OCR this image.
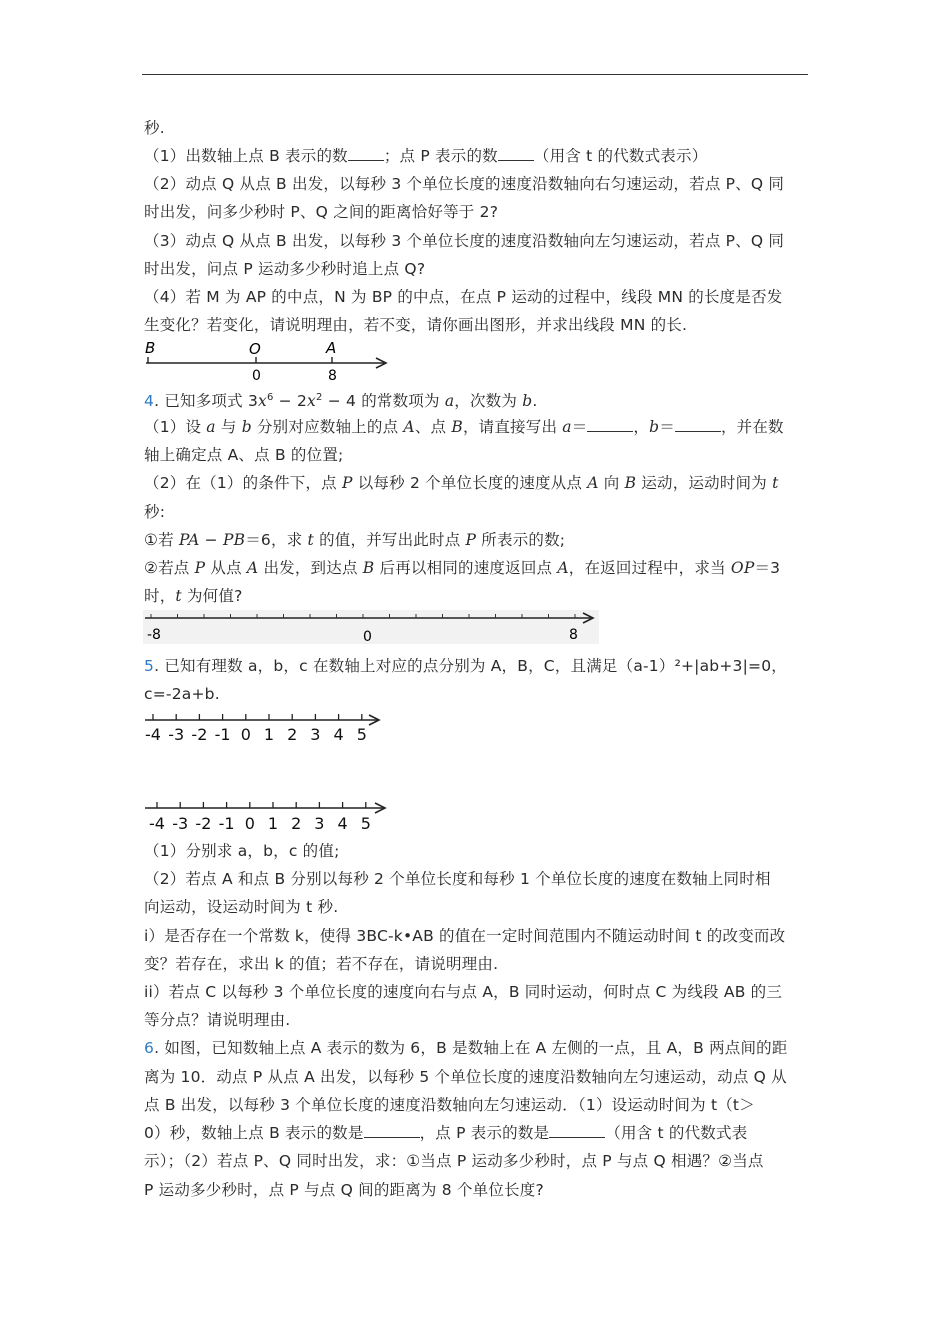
秒.
（1）出数轴上点 B 表示的数 ；点 P 表示的数 （用含 t 的代数式表示）
（2）动点 Q 从点 B 出发，以每秒 3 个单位长度的速度沿数轴向右匀速运动，若点 P、Q 同
时出发，问多少秒时 P、Q 之间的距离恰好等于 2?
（3）动点 Q 从点 B 出发，以每秒 3 个单位长度的速度沿数轴向左匀速运动，若点 P、Q 同
时出发，问点 P 运动多少秒时追上点 Q?
（4）若 M 为 AP 的中点，N 为 BP 的中点，在点 P 运动的过程中，线段 MN 的长度是否发
生变化？若变化，请说明理由，若不变，请你画出图形，并求出线段 MN 的长.
B	O	A
0	8
4. 已知多项式 $3x^6 - 2x^2 - 4$ 的常数项为 a，次数为 b.
（1）设 a 与 b 分别对应数轴上的点 A、点 B，请直接写出 a＝	，b＝	，并在数
轴上确定点 A、点 B 的位置;
（2）在（1）的条件下，点 P 以每秒 2 个单位长度的速度从点 A 向 B 运动，运动时间为 t
秒:
①若 PA − PB＝6，求 t 的值，并写出此时点 P 所表示的数;
②若点 P 从点 A 出发，到达点 B 后再以相同的速度返回点 A，在返回过程中，求当 OP＝3
时，t 为何值?
-8	0	8
5. 已知有理数 a，b，c 在数轴上对应的点分别为 A，B，C，且满足（a-1）²+|ab+3|=0，
c=-2a+b.
-4 -3 -2 -1 0 1 2 3 4 5
-4 -3 -2 -1 0 1 2 3 4 5
（1）分别求 a，b，c 的值;
（2）若点 A 和点 B 分别以每秒 2 个单位长度和每秒 1 个单位长度的速度在数轴上同时相
向运动，设运动时间为 t 秒.
i）是否存在一个常数 k，使得 3BC-k•AB 的值在一定时间范围内不随运动时间 t 的改变而改
变？若存在，求出 k 的值；若不存在，请说明理由.
ii）若点 C 以每秒 3 个单位长度的速度向右与点 A，B 同时运动，何时点 C 为线段 AB 的三
等分点？请说明理由.
6. 如图，已知数轴上点 A 表示的数为 6，B 是数轴上在 A 左侧的一点，且 A，B 两点间的距
离为 10．动点 P 从点 A 出发，以每秒 5 个单位长度的速度沿数轴向左匀速运动，动点 Q 从
点 B 出发，以每秒 3 个单位长度的速度沿数轴向左匀速运动．（1）设运动时间为 t（t＞
0）秒，数轴上点 B 表示的数是	，点 P 表示的数是	（用含 t 的代数式表
示）；（2）若点 P、Q 同时出发，求：①当点 P 运动多少秒时，点 P 与点 Q 相遇？②当点
P 运动多少秒时，点 P 与点 Q 间的距离为 8 个单位长度?
